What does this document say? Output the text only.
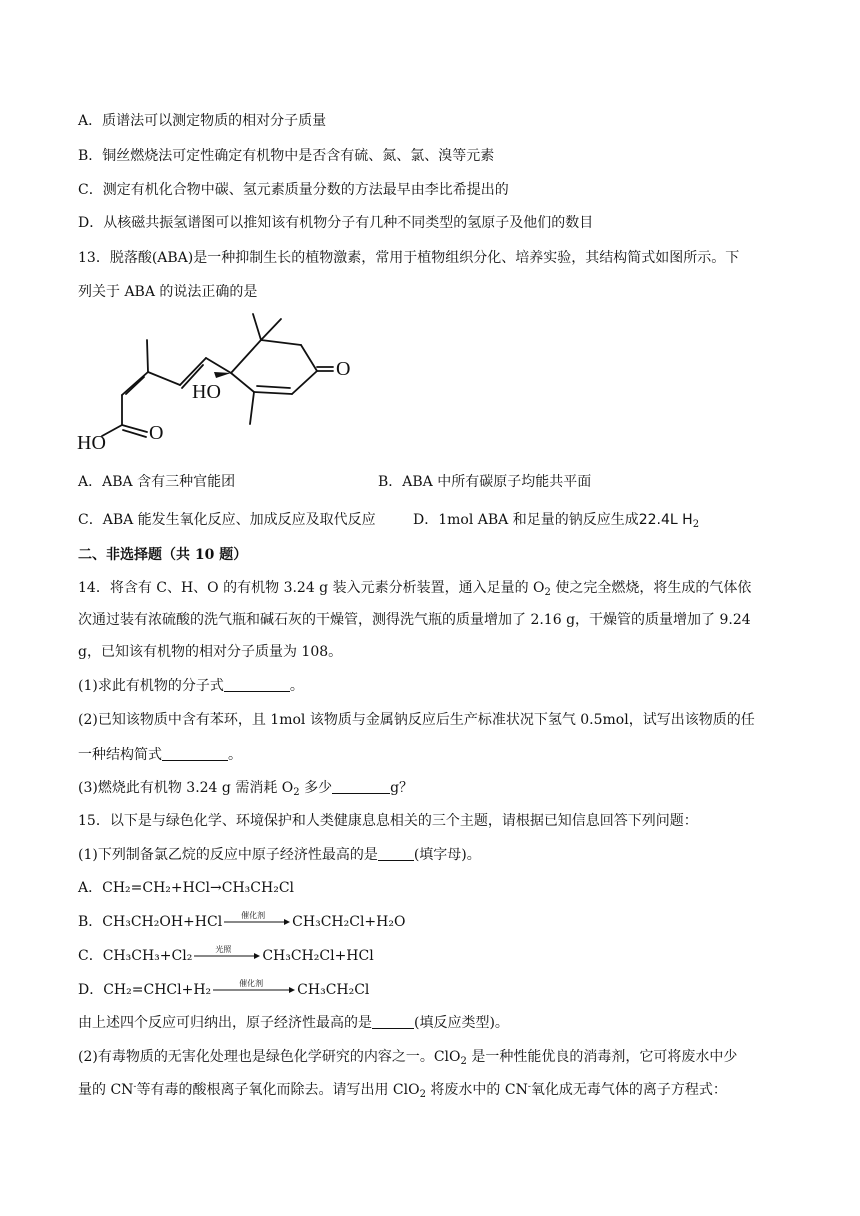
A．质谱法可以测定物质的相对分子质量
B．铜丝燃烧法可定性确定有机物中是否含有硫、氮、氯、溴等元素
C．测定有机化合物中碳、氢元素质量分数的方法最早由李比希提出的
D．从核磁共振氢谱图可以推知该有机物分子有几种不同类型的氢原子及他们的数目
13．脱落酸(ABA)是一种抑制生长的植物激素，常用于植物组织分化、培养实验，其结构简式如图所示。下
列关于 ABA 的说法正确的是
O
HO
HO O
A．ABA 含有三种官能团	B．ABA 中所有碳原子均能共平面
C．ABA 能发生氧化反应、加成反应及取代反应	D．1mol ABA 和足量的钠反应生成22.4L $H_2$
二、非选择题（共 10 题）
14．将含有 C、H、O 的有机物 3.24 g 装入元素分析装置，通入足量的 $O_2$ 使之完全燃烧，将生成的气体依
次通过装有浓硫酸的洗气瓶和碱石灰的干燥管，测得洗气瓶的质量增加了 2.16 g，干燥管的质量增加了 9.24
g，已知该有机物的相对分子质量为 108。
(1)求此有机物的分子式	。
(2)已知该物质中含有苯环，且 1mol 该物质与金属钠反应后生产标准状况下氢气 0.5mol，试写出该物质的任
一种结构简式	。
(3)燃烧此有机物 3.24 g 需消耗 $O_2$ 多少	g？
15．以下是与绿色化学、环境保护和人类健康息息相关的三个主题，请根据已知信息回答下列问题：
(1)下列制备氯乙烷的反应中原子经济性最高的是	(填字母)。
A．CH₂=CH₂+HCl→CH₃CH₂Cl
B．CH₃CH₂OH+HCl	催化剂	CH₃CH₂Cl+H₂O
C．CH₃CH₃+Cl₂	光照	CH₃CH₂Cl+HCl
D．CH₂=CHCl+H₂	催化剂	CH₃CH₂Cl
由上述四个反应可归纳出，原子经济性最高的是	(填反应类型)。
(2)有毒物质的无害化处理也是绿色化学研究的内容之一。ClO$_2$ 是一种性能优良的消毒剂，它可将废水中少
量的 CN-等有毒的酸根离子氧化而除去。请写出用 ClO$_2$ 将废水中的 CN-氧化成无毒气体的离子方程式：
